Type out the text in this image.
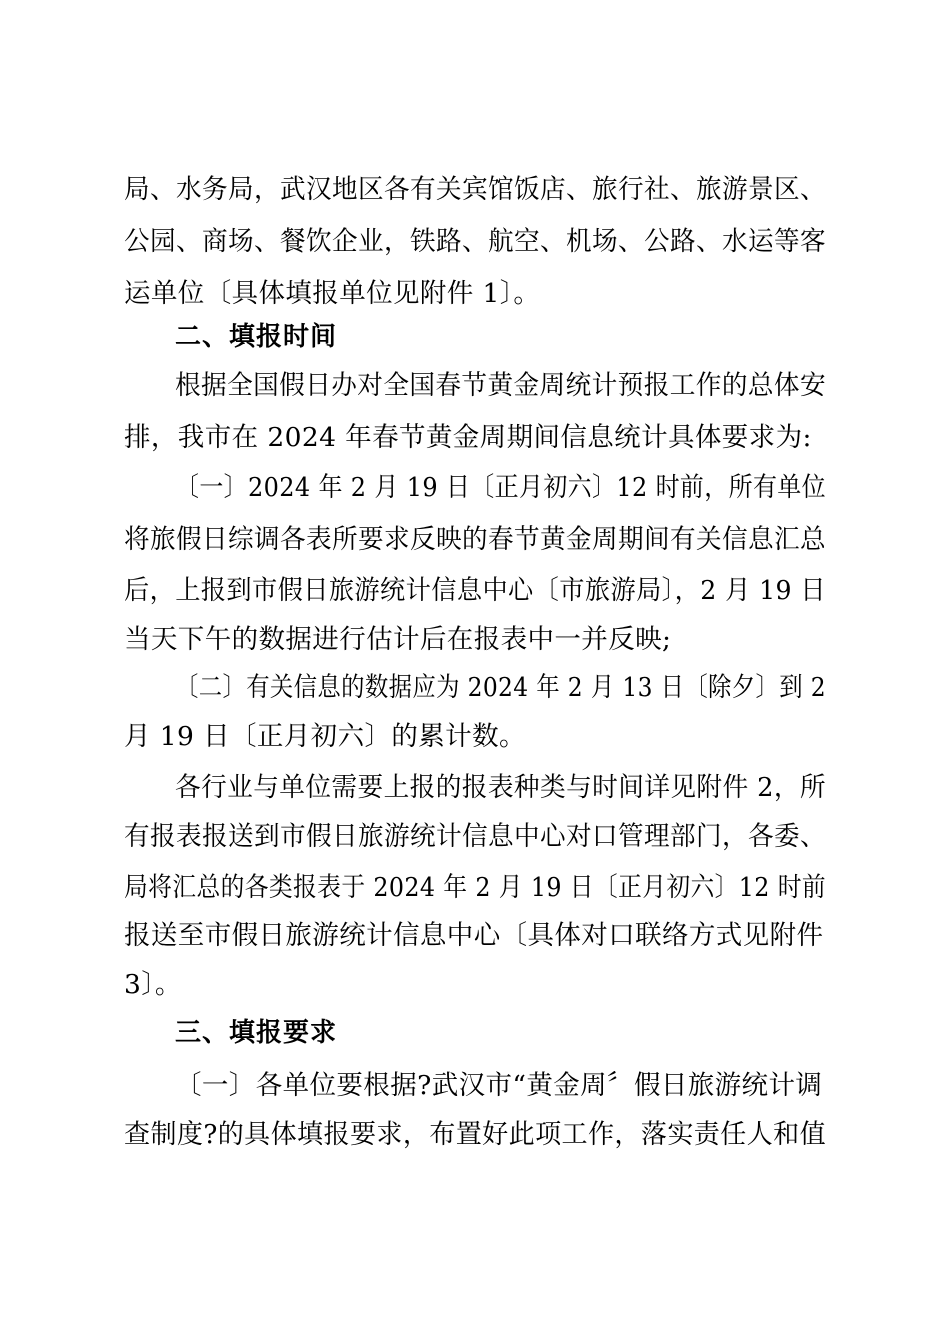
局、水务局，武汉地区各有关宾馆饭店、旅行社、旅游景区、
公园、商场、餐饮企业，铁路、航空、机场、公路、水运等客
运单位〔具体填报单位见附件 1〕。
二、填报时间
根据全国假日办对全国春节黄金周统计预报工作的总体安
排，我市在 2024 年春节黄金周期间信息统计具体要求为:
〔一〕2024 年 2 月 19 日〔正月初六〕12 时前，所有单位
将旅假日综调各表所要求反映的春节黄金周期间有关信息汇总
后，上报到市假日旅游统计信息中心〔市旅游局〕，2 月 19 日
当天下午的数据进行估计后在报表中一并反映;
〔二〕有关信息的数据应为 2024 年 2 月 13 日〔除夕〕到 2
月 19 日〔正月初六〕的累计数。
各行业与单位需要上报的报表种类与时间详见附件 2，所
有报表报送到市假日旅游统计信息中心对口管理部门，各委、
局将汇总的各类报表于 2024 年 2 月 19 日〔正月初六〕12 时前
报送至市假日旅游统计信息中心〔具体对口联络方式见附件
3〕。
三、填报要求
〔一〕各单位要根据?武汉市“黄金周〞假日旅游统计调
查制度?的具体填报要求，布置好此项工作，落实责任人和值
